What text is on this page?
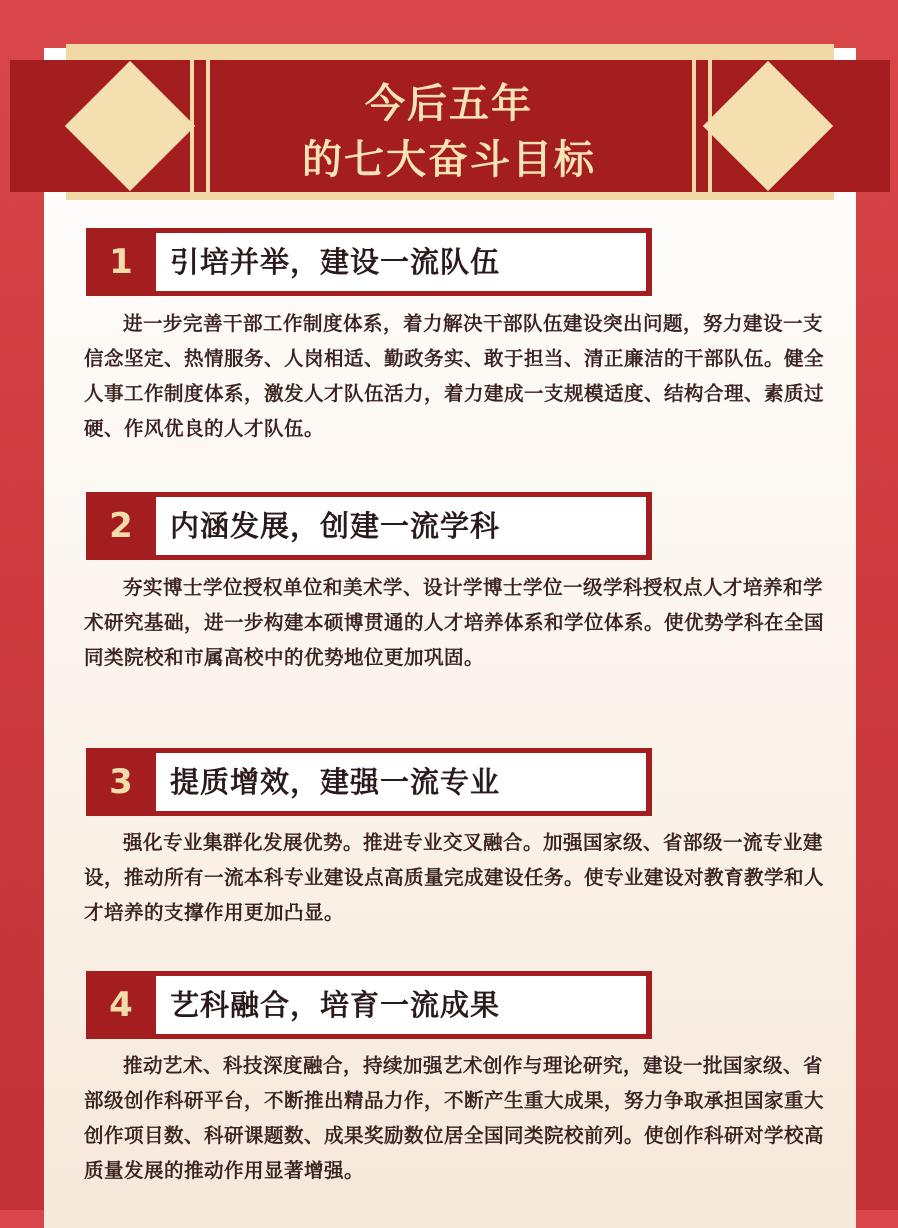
今后五年
的七大奋斗目标
1	引培并举，建设一流队伍
进一步完善干部工作制度体系，着力解决干部队伍建设突出问题，努力建设一支信念坚定、热情服务、人岗相适、勤政务实、敢于担当、清正廉洁的干部队伍。健全人事工作制度体系，激发人才队伍活力，着力建成一支规模适度、结构合理、素质过硬、作风优良的人才队伍。
2	内涵发展，创建一流学科
夯实博士学位授权单位和美术学、设计学博士学位一级学科授权点人才培养和学术研究基础，进一步构建本硕博贯通的人才培养体系和学位体系。使优势学科在全国同类院校和市属高校中的优势地位更加巩固。
3	提质增效，建强一流专业
强化专业集群化发展优势。推进专业交叉融合。加强国家级、省部级一流专业建设，推动所有一流本科专业建设点高质量完成建设任务。使专业建设对教育教学和人才培养的支撑作用更加凸显。
4	艺科融合，培育一流成果
推动艺术、科技深度融合，持续加强艺术创作与理论研究，建设一批国家级、省部级创作科研平台，不断推出精品力作，不断产生重大成果，努力争取承担国家重大创作项目数、科研课题数、成果奖励数位居全国同类院校前列。使创作科研对学校高质量发展的推动作用显著增强。
